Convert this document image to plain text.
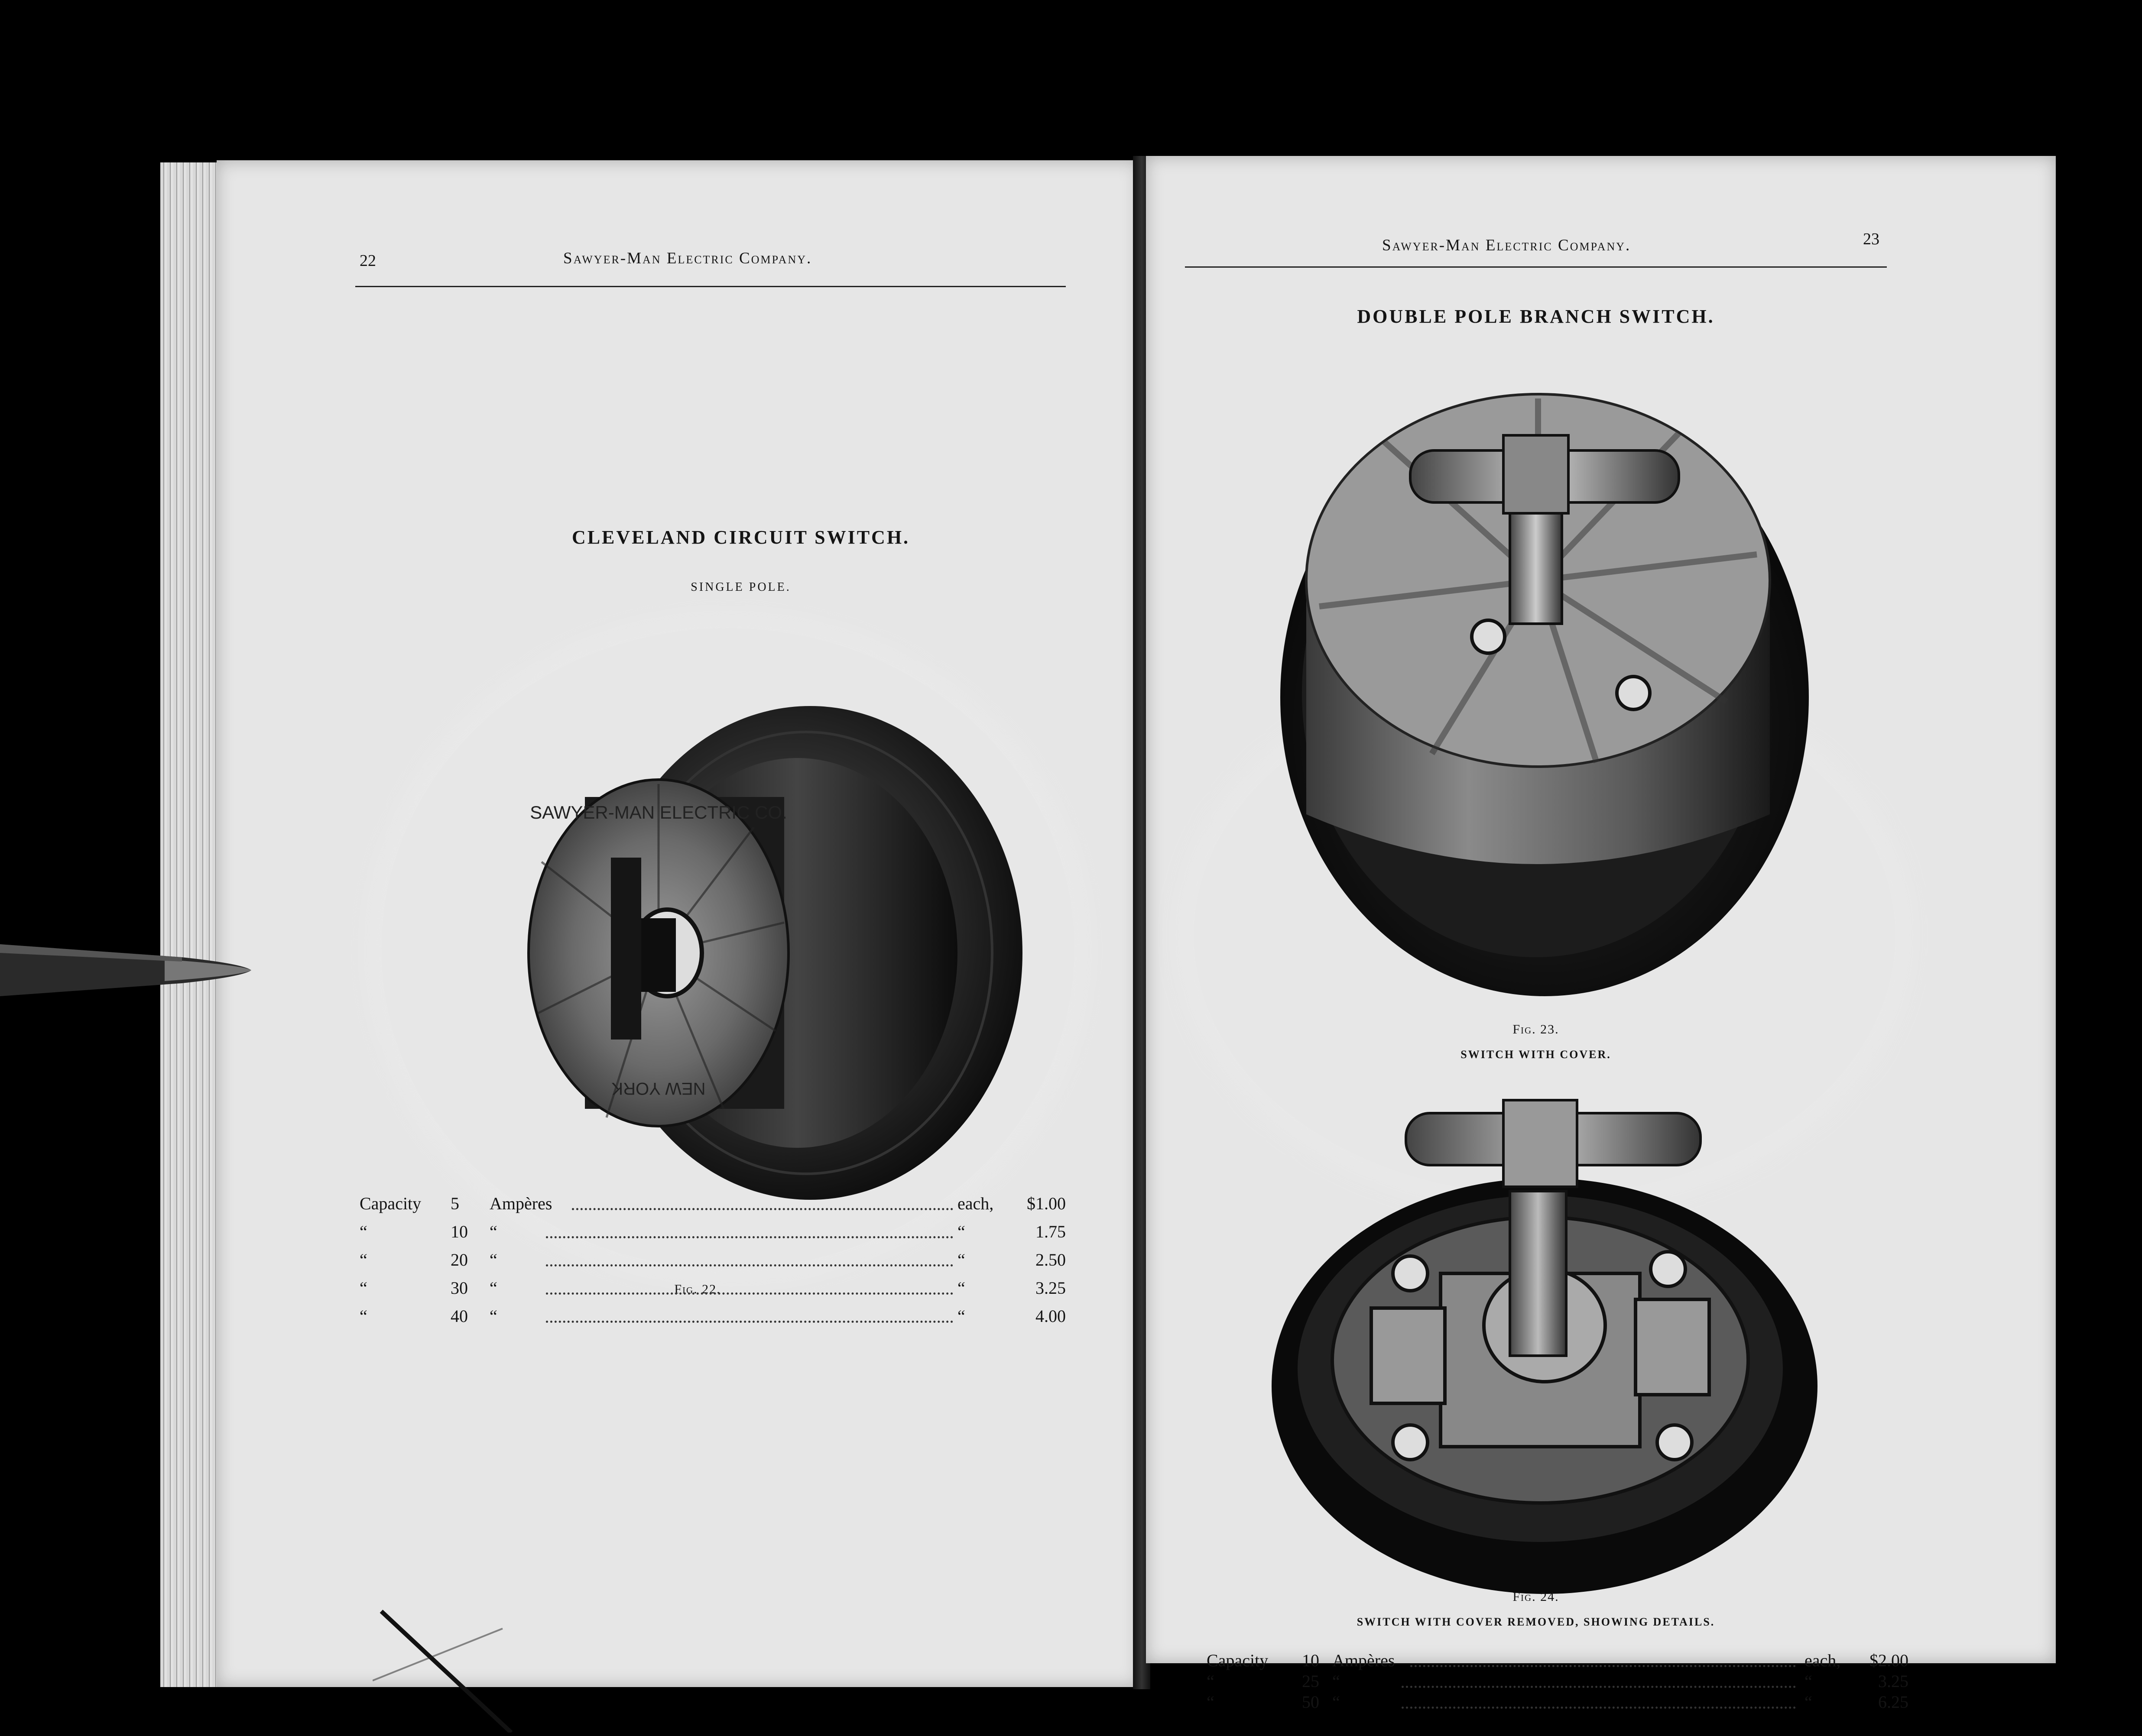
22	Sawyer-Man Electric Company.
CLEVELAND CIRCUIT SWITCH.
SINGLE POLE.
SAWYER-MAN ELECTRIC CO.
NEW YORK
Fig. 22.
Capacity 5 Ampères	each,	$1.00
“	10 “	“	1.75
“	20 “	“	2.50
“	30 “	“	3.25
“	40 “	“	4.00
Sawyer-Man Electric Company.	23
DOUBLE POLE BRANCH SWITCH.
Fig. 23.
SWITCH WITH COVER.
Fig. 24.
SWITCH WITH COVER REMOVED, SHOWING DETAILS.
Capacity 10 Ampères	each,	$2.00
“	25 “	“	3.25
“	50 “	“	6.25
